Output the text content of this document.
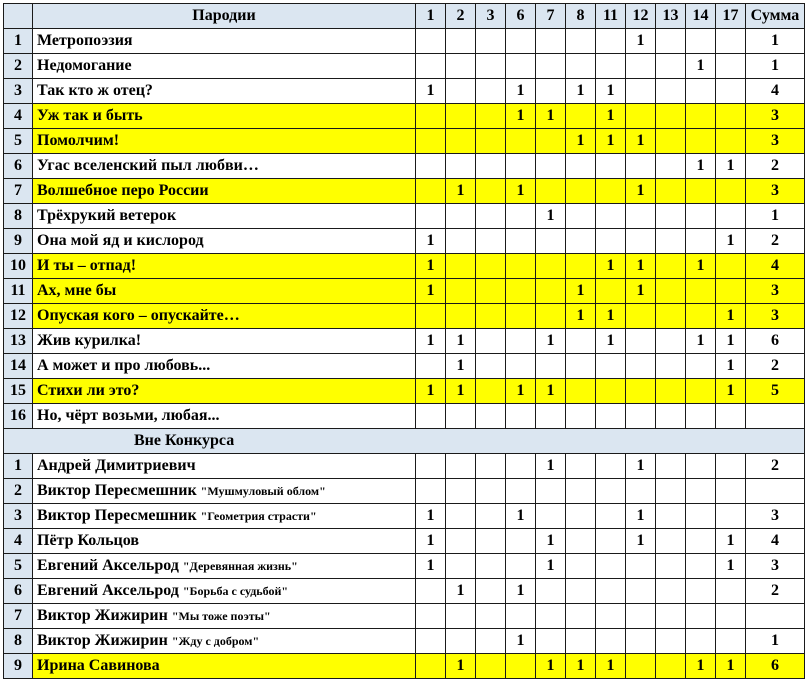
	Пародии	1	2	3	6	7	8	11	12	13	14	17	Сумма
1	Метропоэзия								1				1
2	Недомогание										1		1
3	Так кто ж отец?	1			1		1	1					4
4	Уж так и быть				1	1		1					3
5	Помолчим!						1	1	1				3
6	Угас вселенский пыл любви…										1	1	2
7	Волшебное перо России		1		1				1				3
8	Трёхрукий ветерок					1							1
9	Она мой яд и кислород	1										1	2
10	И ты – отпад!	1						1	1		1		4
11	Ах, мне бы	1					1		1				3
12	Опуская кого – опускайте…						1	1				1	3
13	Жив курилка!	1	1			1		1			1	1	6
14	А может и про любовь...		1									1	2
15	Стихи ли это?	1	1		1	1						1	5
16	Но, чёрт возьми, любая...												
Вне Конкурса													
1	Андрей Димитриевич					1			1				2
2	Виктор Пересмешник "Мушмуловый облом"												
3	Виктор Пересмешник "Геометрия страсти"	1			1				1				3
4	Пётр Кольцов	1				1			1			1	4
5	Евгений Аксельрод "Деревянная жизнь"	1				1						1	3
6	Евгений Аксельрод "Борьба с судьбой"		1		1								2
7	Виктор Жижирин "Мы тоже поэты"												
8	Виктор Жижирин "Жду с добром"				1								1
9	Ирина Савинова		1			1	1	1			1	1	6
